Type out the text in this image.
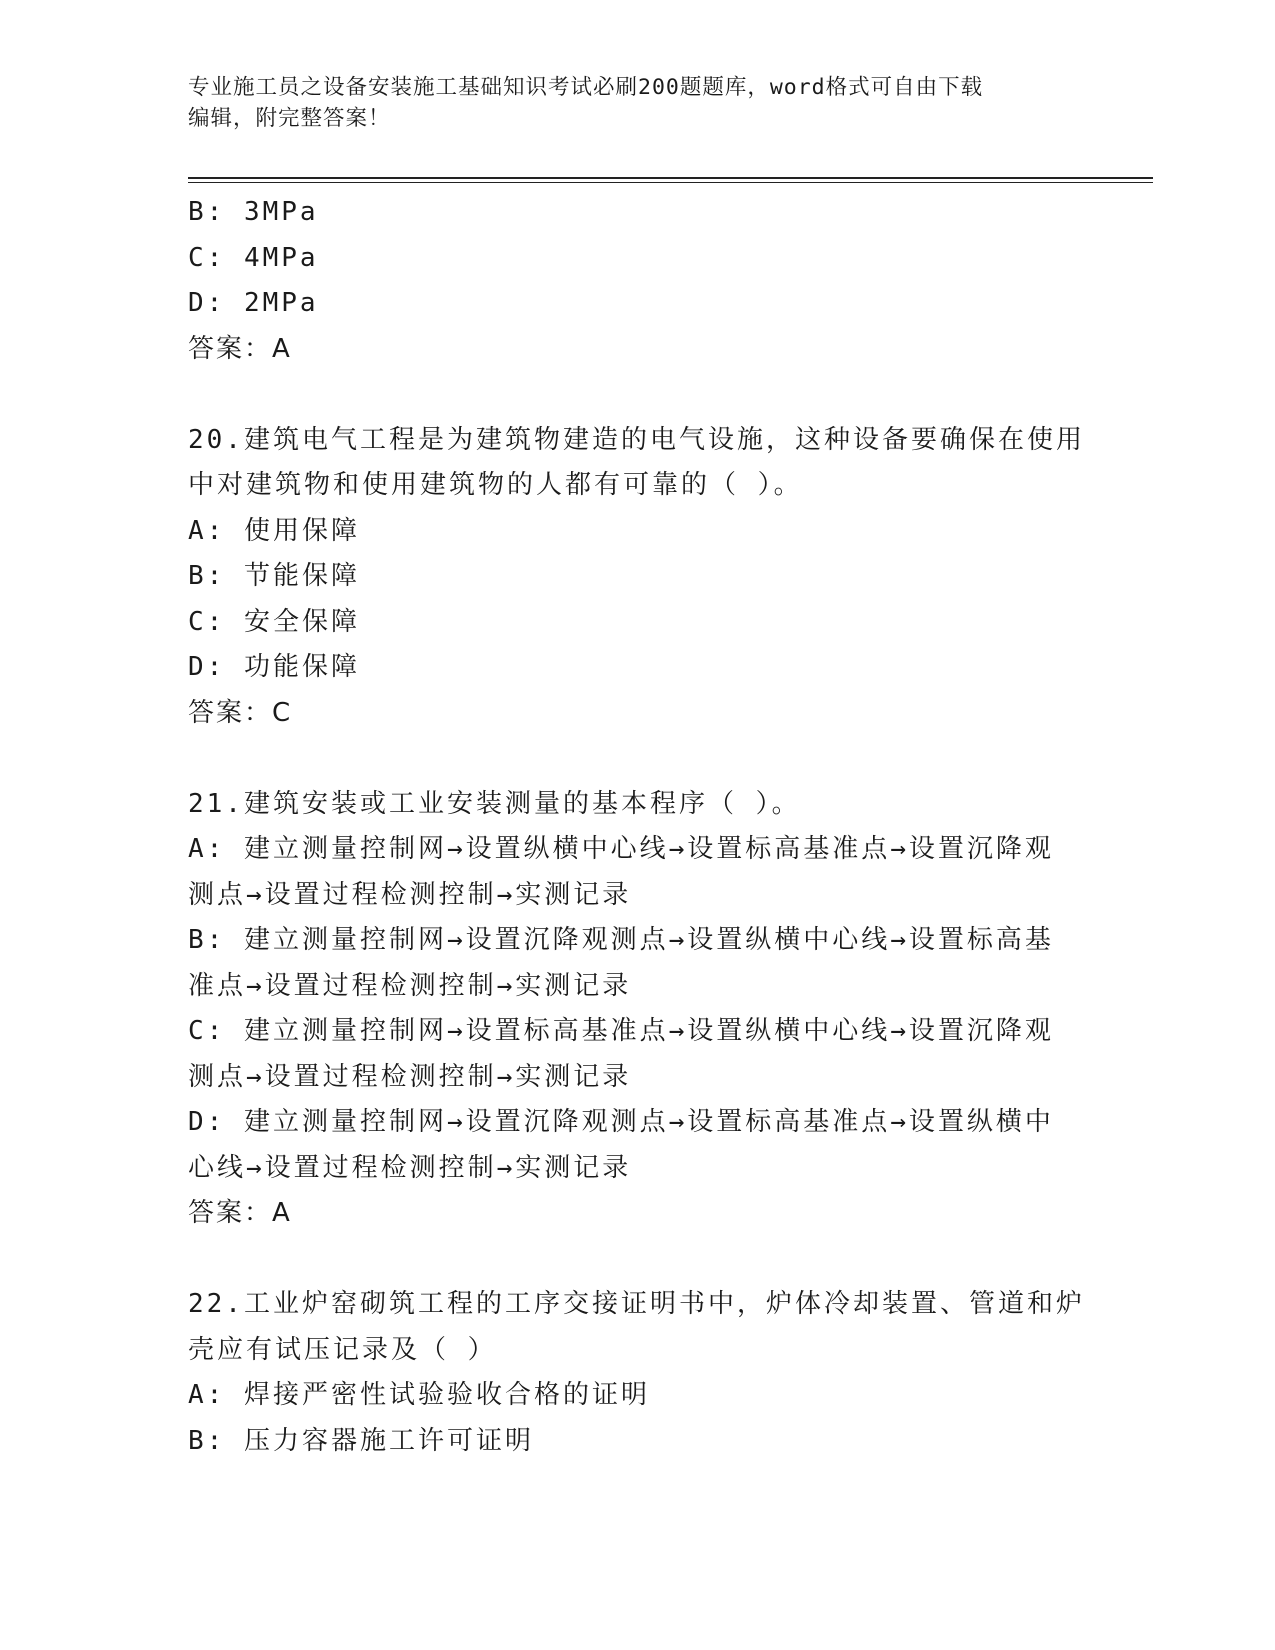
专业施工员之设备安装施工基础知识考试必刷200题题库，word格式可自由下载
编辑，附完整答案！
B: 3MPa
C: 4MPa
D: 2MPa
答案：A
20.建筑电气工程是为建筑物建造的电气设施，这种设备要确保在使用
中对建筑物和使用建筑物的人都有可靠的（ ）。
A: 使用保障
B: 节能保障
C: 安全保障
D: 功能保障
答案：C
21.建筑安装或工业安装测量的基本程序（ ）。
A: 建立测量控制网→设置纵横中心线→设置标高基准点→设置沉降观
测点→设置过程检测控制→实测记录
B: 建立测量控制网→设置沉降观测点→设置纵横中心线→设置标高基
准点→设置过程检测控制→实测记录
C: 建立测量控制网→设置标高基准点→设置纵横中心线→设置沉降观
测点→设置过程检测控制→实测记录
D: 建立测量控制网→设置沉降观测点→设置标高基准点→设置纵横中
心线→设置过程检测控制→实测记录
答案：A
22.工业炉窑砌筑工程的工序交接证明书中，炉体冷却装置、管道和炉
壳应有试压记录及（ ）
A: 焊接严密性试验验收合格的证明
B: 压力容器施工许可证明
